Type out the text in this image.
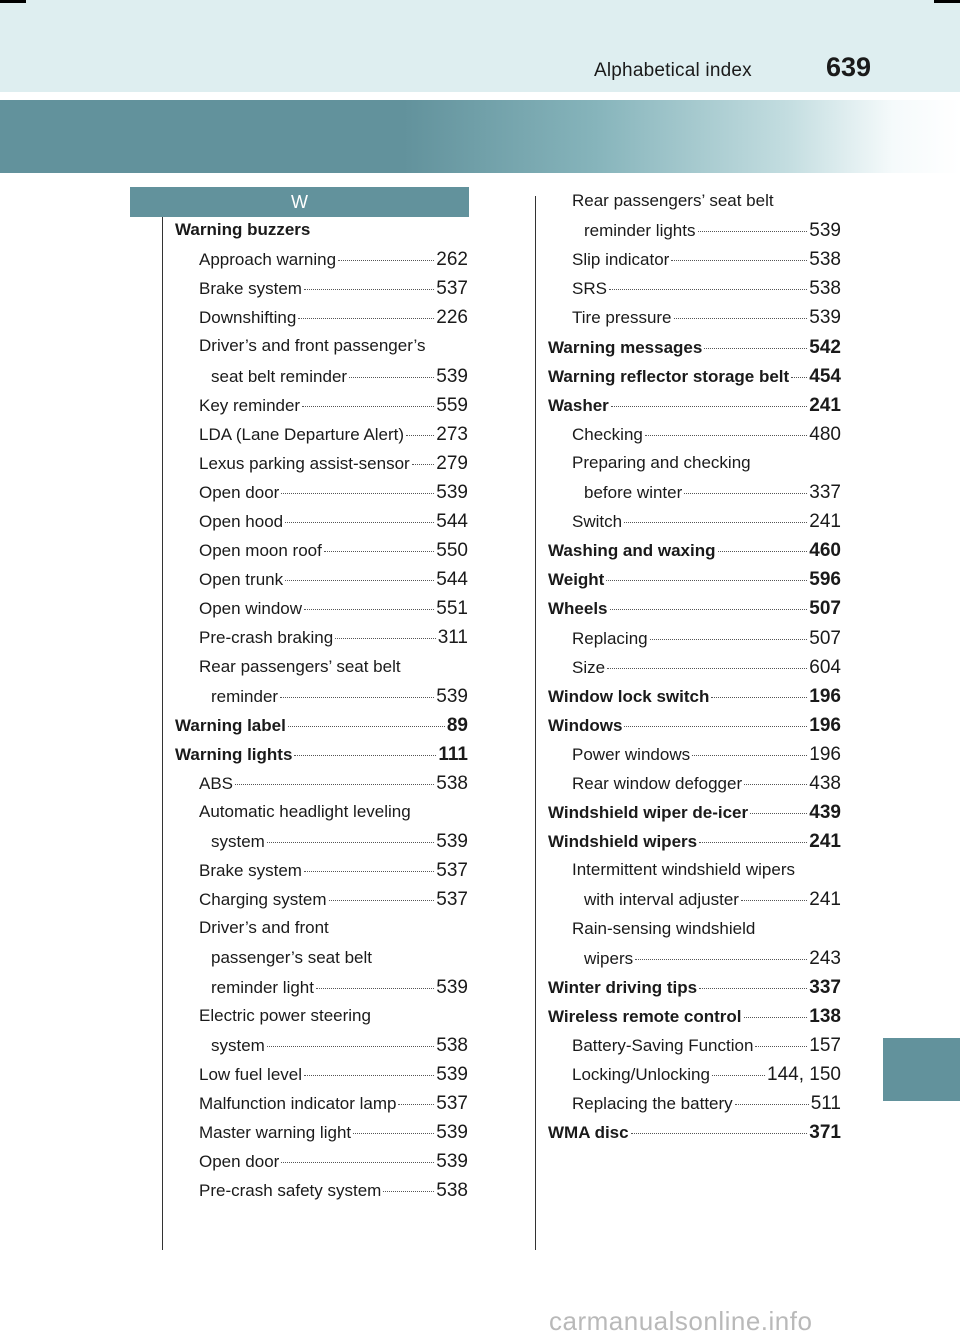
Alphabetical index	639
W
Warning buzzers
Approach warning	262
Brake system	537
Downshifting	226
Driver’s and front passenger’s
seat belt reminder	539
Key reminder	559
LDA (Lane Departure Alert) 273
Lexus parking assist-sensor 279
Open door	539
Open hood	544
Open moon roof	550
Open trunk	544
Open window	551
Pre-crash braking	311
Rear passengers’ seat belt
reminder	539
Warning label	89
Warning lights	111
ABS	538
Automatic headlight leveling
system	539
Brake system	537
Charging system	537
Driver’s and front
passenger’s seat belt
reminder light	539
Electric power steering
system	538
Low fuel level	539
Malfunction indicator lamp 537
Master warning light	539
Open door	539
Pre-crash safety system	538
Rear passengers’ seat belt
reminder lights	539
Slip indicator	538
SRS	538
Tire pressure	539
Warning messages	542
Warning reflector storage belt 454
Washer	241
Checking	480
Preparing and checking
before winter	337
Switch	241
Washing and waxing	460
Weight	596
Wheels	507
Replacing	507
Size	604
Window lock switch	196
Windows	196
Power windows	196
Rear window defogger	438
Windshield wiper de-icer	439
Windshield wipers	241
Intermittent windshield wipers
with interval adjuster	241
Rain-sensing windshield
wipers	243
Winter driving tips	337
Wireless remote control	138
Battery-Saving Function	157
Locking/Unlocking	144, 150
Replacing the battery	511
WMA disc	371
carmanualsonline.info
